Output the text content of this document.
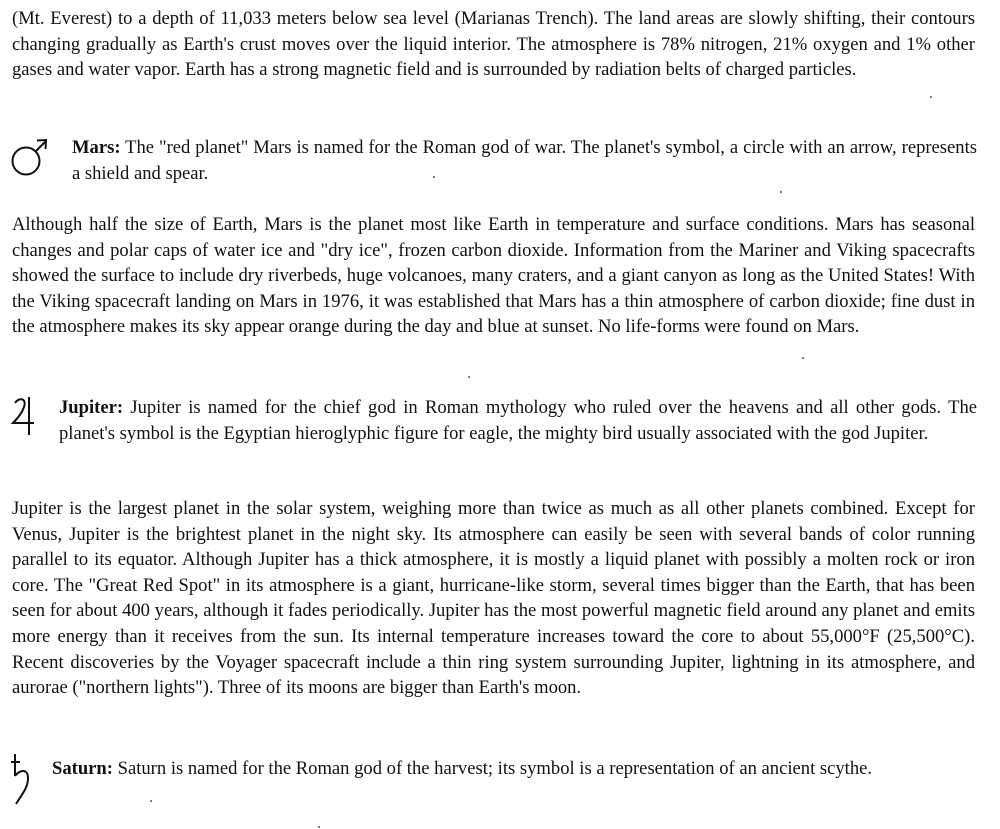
(Mt. Everest) to a depth of 11,033 meters below sea level (Marianas Trench). The land areas are slowly shifting, their contours changing gradually as Earth's crust moves over the liquid interior. The atmosphere is 78% nitrogen, 21% oxygen and 1% other gases and water vapor. Earth has a strong magnetic field and is surrounded by radiation belts of charged particles.

Mars: The "red planet" Mars is named for the Roman god of war. The planet's symbol, a circle with an arrow, represents a shield and spear.

Although half the size of Earth, Mars is the planet most like Earth in temperature and surface conditions. Mars has seasonal changes and polar caps of water ice and "dry ice", frozen carbon dioxide. Information from the Mariner and Viking spacecrafts showed the surface to include dry riverbeds, huge volcanoes, many craters, and a giant canyon as long as the United States! With the Viking spacecraft landing on Mars in 1976, it was established that Mars has a thin atmosphere of carbon dioxide; fine dust in the atmosphere makes its sky appear orange during the day and blue at sunset. No life-forms were found on Mars.

Jupiter: Jupiter is named for the chief god in Roman mythology who ruled over the heavens and all other gods. The planet's symbol is the Egyptian hieroglyphic figure for eagle, the mighty bird usually associated with the god Jupiter.

Jupiter is the largest planet in the solar system, weighing more than twice as much as all other planets combined. Except for Venus, Jupiter is the brightest planet in the night sky. Its atmosphere can easily be seen with several bands of color running parallel to its equator. Although Jupiter has a thick atmosphere, it is mostly a liquid planet with possibly a molten rock or iron core. The "Great Red Spot" in its atmosphere is a giant, hurricane-like storm, several times bigger than the Earth, that has been seen for about 400 years, although it fades periodically. Jupiter has the most powerful magnetic field around any planet and emits more energy than it receives from the sun. Its internal temperature increases toward the core to about 55,000°F (25,500°C). Recent discoveries by the Voyager spacecraft include a thin ring system surrounding Jupiter, lightning in its atmosphere, and aurorae ("northern lights"). Three of its moons are bigger than Earth's moon.

Saturn: Saturn is named for the Roman god of the harvest; its symbol is a representation of an ancient scythe.
